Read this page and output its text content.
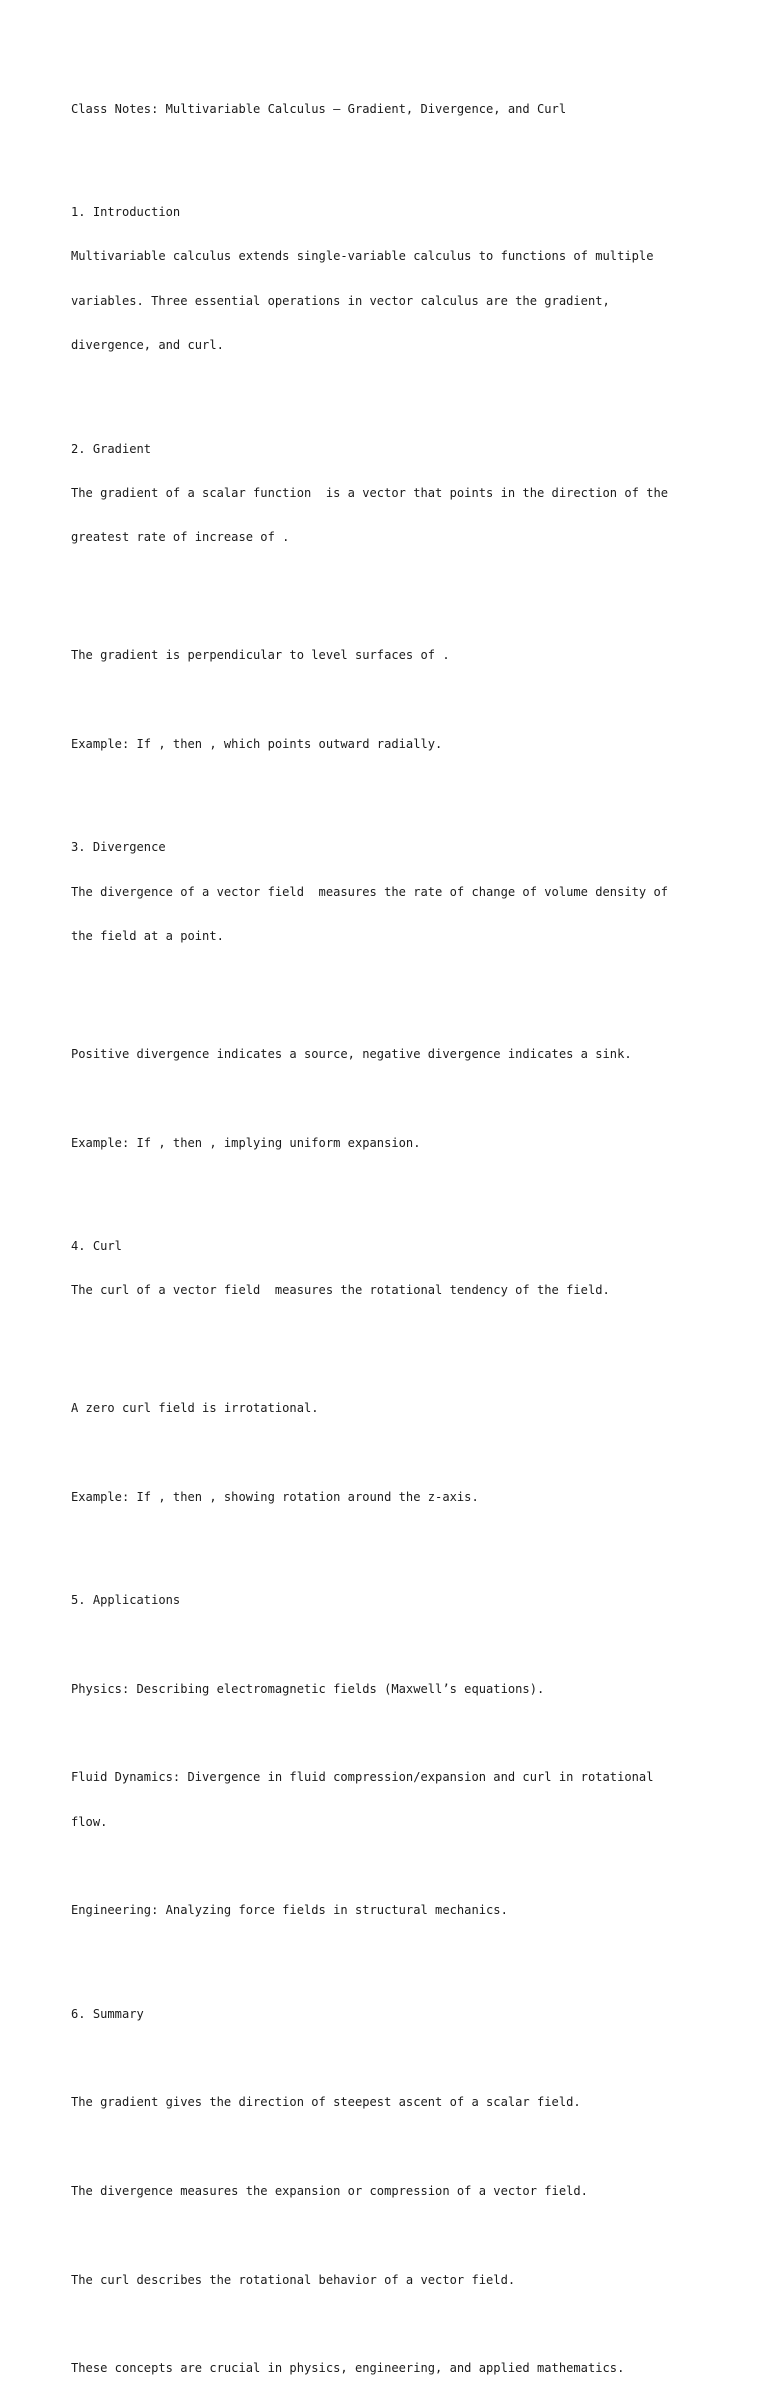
Class Notes: Multivariable Calculus – Gradient, Divergence, and Curl

1. Introduction

Multivariable calculus extends single-variable calculus to functions of multiple

variables. Three essential operations in vector calculus are the gradient,

divergence, and curl.

2. Gradient

The gradient of a scalar function  is a vector that points in the direction of the

greatest rate of increase of .

The gradient is perpendicular to level surfaces of .

Example: If , then , which points outward radially.

3. Divergence

The divergence of a vector field  measures the rate of change of volume density of

the field at a point.

Positive divergence indicates a source, negative divergence indicates a sink.

Example: If , then , implying uniform expansion.

4. Curl

The curl of a vector field  measures the rotational tendency of the field.

A zero curl field is irrotational.

Example: If , then , showing rotation around the z-axis.

5. Applications

Physics: Describing electromagnetic fields (Maxwell’s equations).

Fluid Dynamics: Divergence in fluid compression/expansion and curl in rotational

flow.

Engineering: Analyzing force fields in structural mechanics.

6. Summary

The gradient gives the direction of steepest ascent of a scalar field.

The divergence measures the expansion or compression of a vector field.

The curl describes the rotational behavior of a vector field.

These concepts are crucial in physics, engineering, and applied mathematics.
